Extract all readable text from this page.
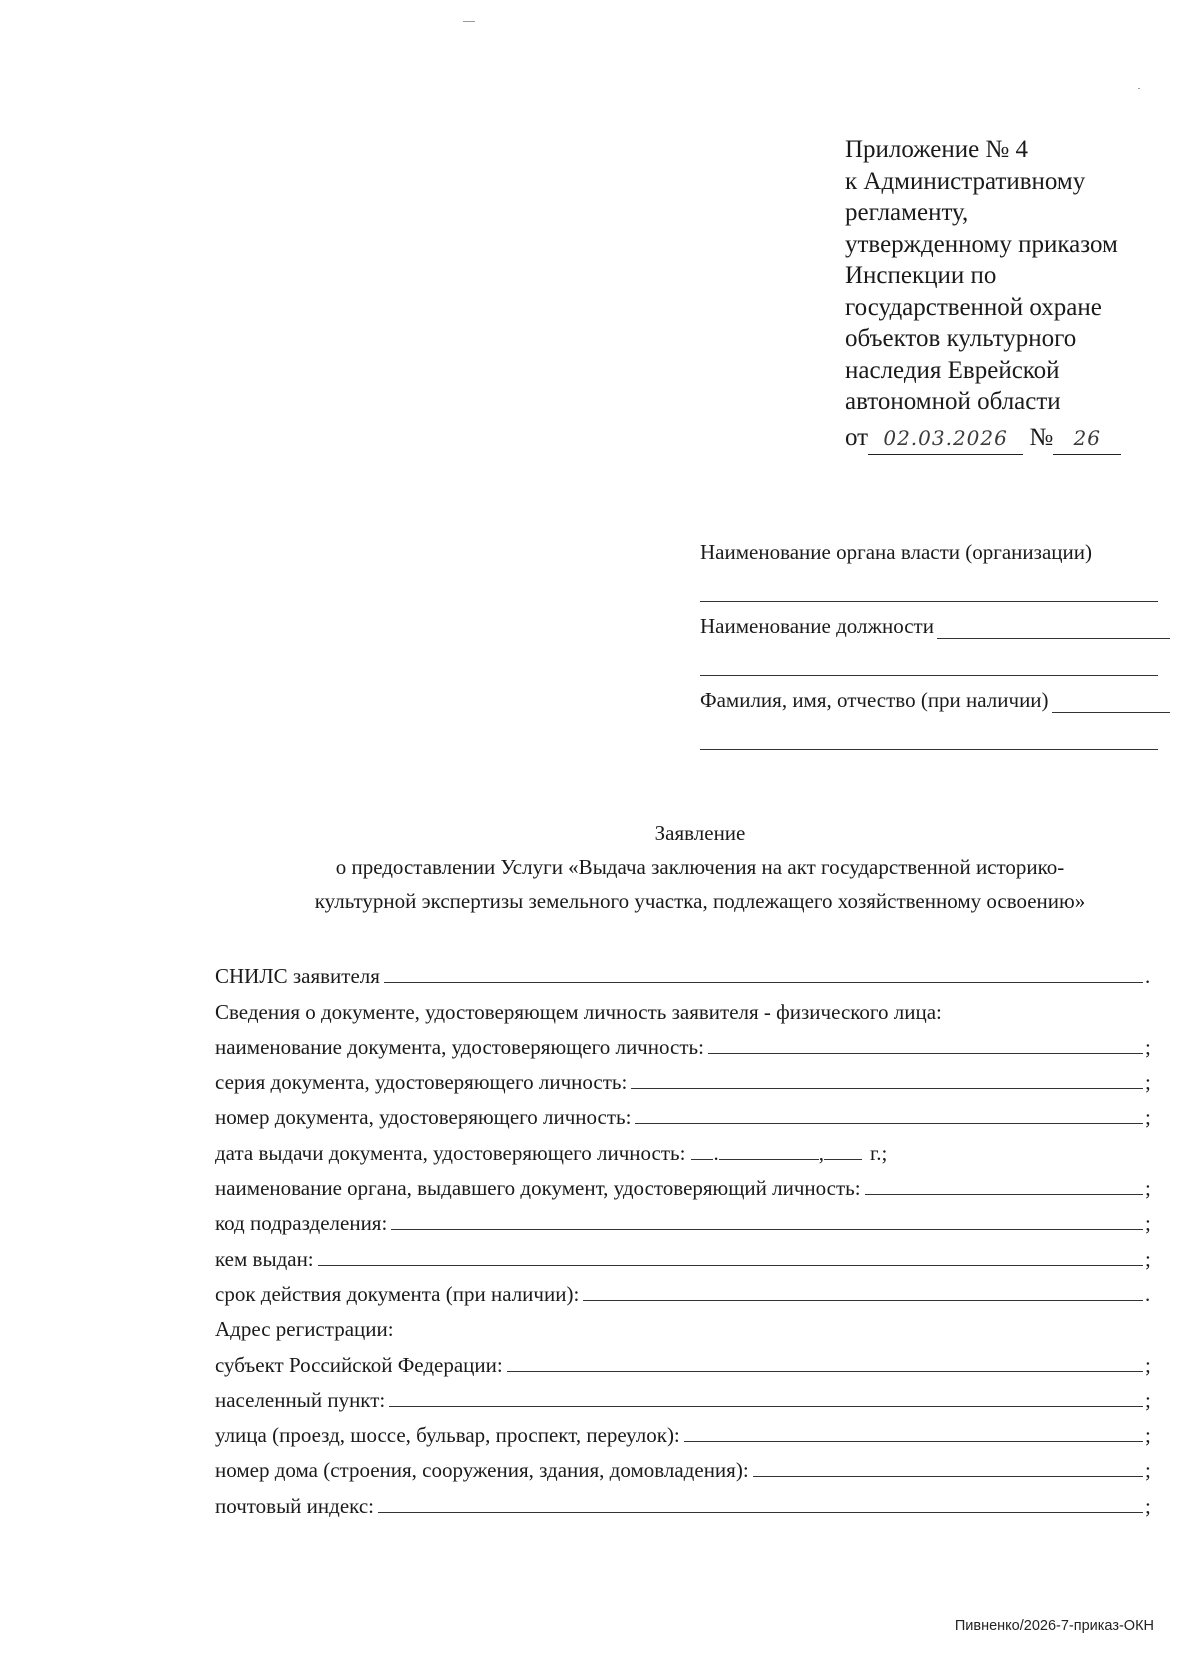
Приложение № 4
к Административному
регламенту,
утвержденному приказом
Инспекции по
государственной охране
объектов культурного
наследия Еврейской
автономной области
от 02.03.2026 № 26
Наименование органа власти (организации)
Наименование должности
Фамилия, имя, отчество (при наличии)
Заявление
о предоставлении Услуги «Выдача заключения на акт государственной историко-
культурной экспертизы земельного участка, подлежащего хозяйственному освоению»
СНИЛС заявителя	.
Сведения о документе, удостоверяющем личность заявителя - физического лица:
наименование документа, удостоверяющего личность:	;
серия документа, удостоверяющего личность:	;
номер документа, удостоверяющего личность:	;
дата выдачи документа, удостоверяющего личность: .	, г.;
наименование органа, выдавшего документ, удостоверяющий личность:	;
код подразделения:	;
кем выдан:	;
срок действия документа (при наличии):	.
Адрес регистрации:
субъект Российской Федерации:	;
населенный пункт:	;
улица (проезд, шоссе, бульвар, проспект, переулок):	;
номер дома (строения, сооружения, здания, домовладения):	;
почтовый индекс:	;
Пивненко/2026-7-приказ-ОКН
